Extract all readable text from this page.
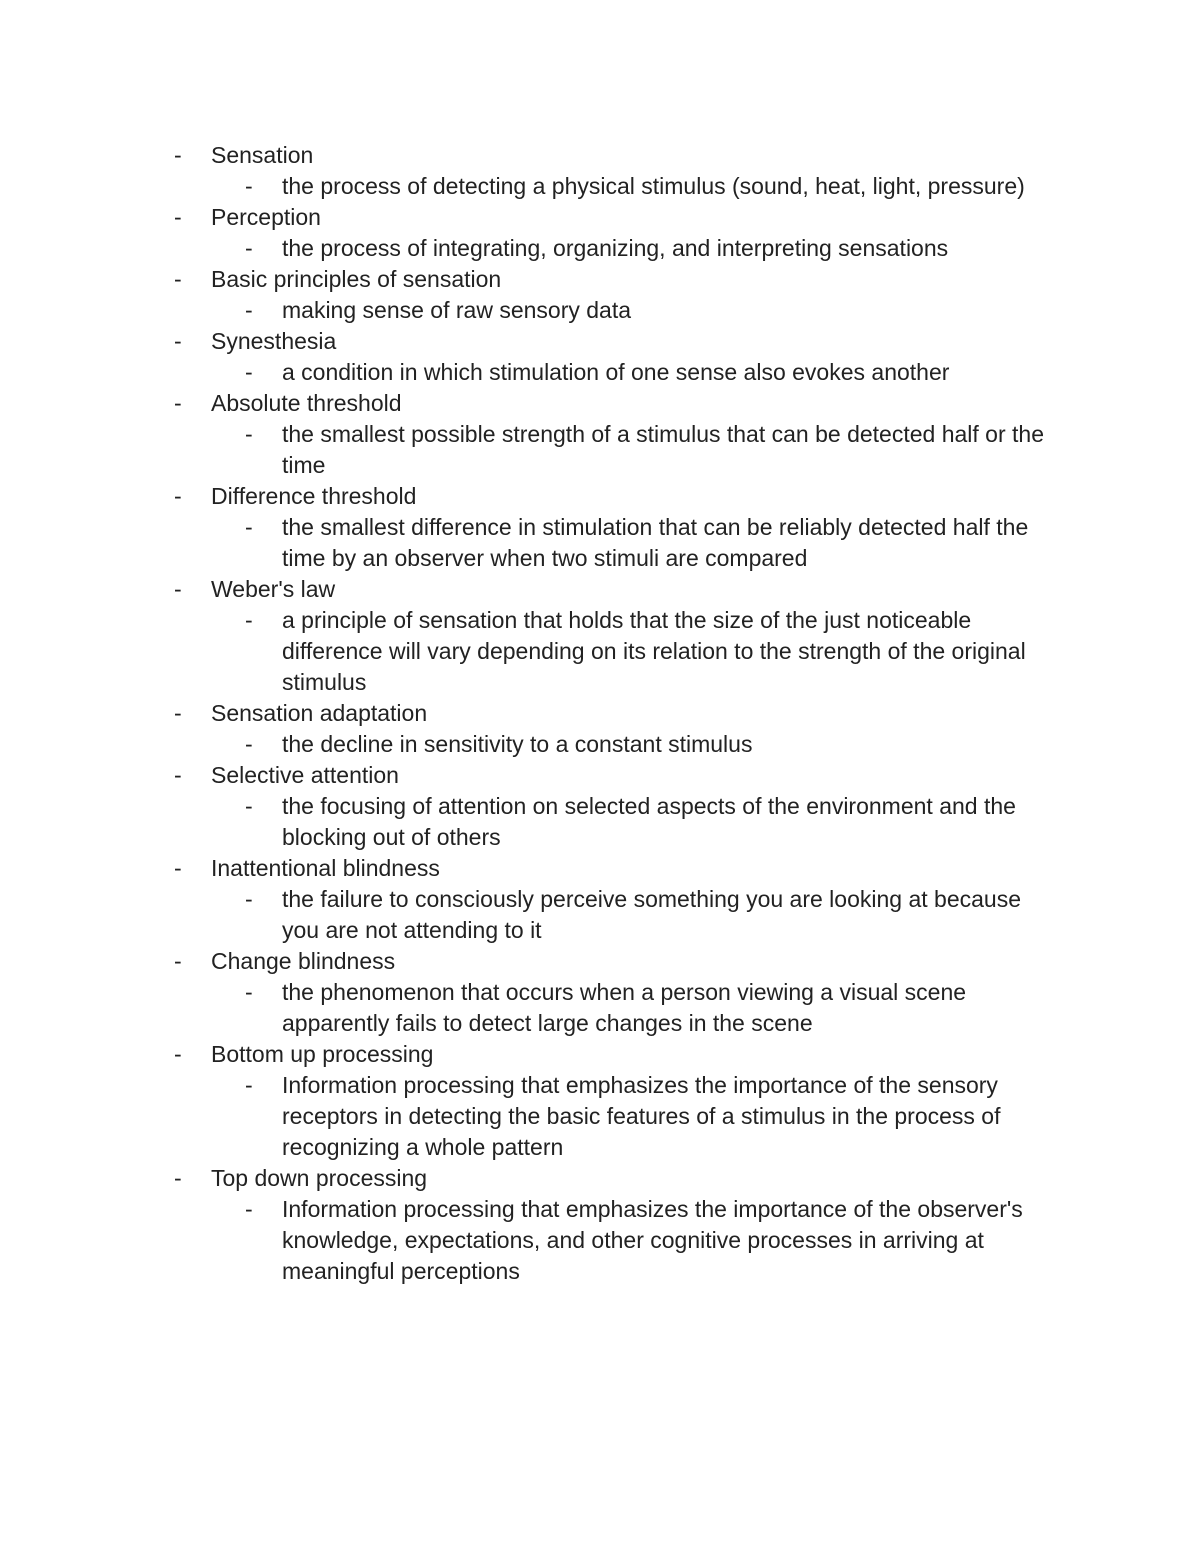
- Sensation
- the process of detecting a physical stimulus (sound, heat, light, pressure)
- Perception
- the process of integrating, organizing, and interpreting sensations
- Basic principles of sensation
- making sense of raw sensory data
- Synesthesia
- a condition in which stimulation of one sense also evokes another
- Absolute threshold
- the smallest possible strength of a stimulus that can be detected half or the time
- Difference threshold
- the smallest difference in stimulation that can be reliably detected half the time by an observer when two stimuli are compared
- Weber's law
- a principle of sensation that holds that the size of the just noticeable difference will vary depending on its relation to the strength of the original stimulus
- Sensation adaptation
- the decline in sensitivity to a constant stimulus
- Selective attention
- the focusing of attention on selected aspects of the environment and the blocking out of others
- Inattentional blindness
- the failure to consciously perceive something you are looking at because you are not attending to it
- Change blindness
- the phenomenon that occurs when a person viewing a visual scene apparently fails to detect large changes in the scene
- Bottom up processing
- Information processing that emphasizes the importance of the sensory receptors in detecting the basic features of a stimulus in the process of recognizing a whole pattern
- Top down processing
- Information processing that emphasizes the importance of the observer's knowledge, expectations, and other cognitive processes in arriving at meaningful perceptions
